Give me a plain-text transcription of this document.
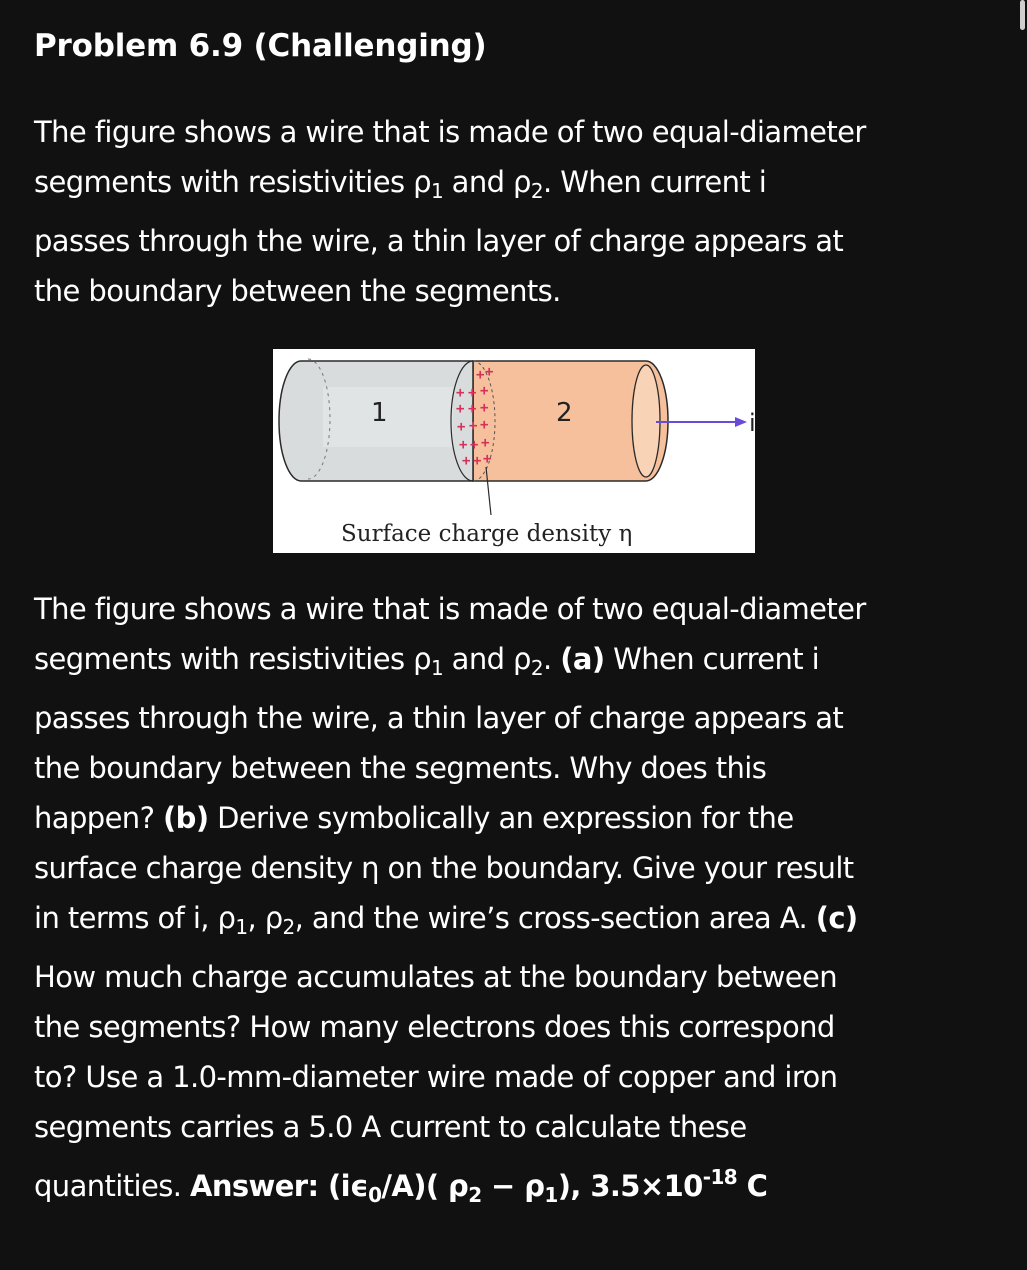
Problem 6.9 (Challenging)
The figure shows a wire that is made of two equal-diameter
segments with resistivities $\rho_1$ and $\rho_2$. When current i
passes through the wire, a thin layer of charge appears at
the boundary between the segments.
i
+ +
+ + +
+ + +
+ + +
+ + +
+ + +
1	2
Surface charge density η
The figure shows a wire that is made of two equal-diameter
segments with resistivities $\rho_1$ and $\rho_2$. (a) When current i
passes through the wire, a thin layer of charge appears at
the boundary between the segments. Why does this
happen? (b) Derive symbolically an expression for the
surface charge density η on the boundary. Give your result
in terms of i, $\rho_1$, $\rho_2$, and the wire’s cross-section area A. (c)
How much charge accumulates at the boundary between
the segments? How many electrons does this correspond
to? Use a 1.0-mm-diameter wire made of copper and iron
segments carries a 5.0 A current to calculate these
quantities. Answer: $(i\epsilon_0/A)$( $\rho_2 - \rho_1$), $3.5\times 10^{-18}$ C
